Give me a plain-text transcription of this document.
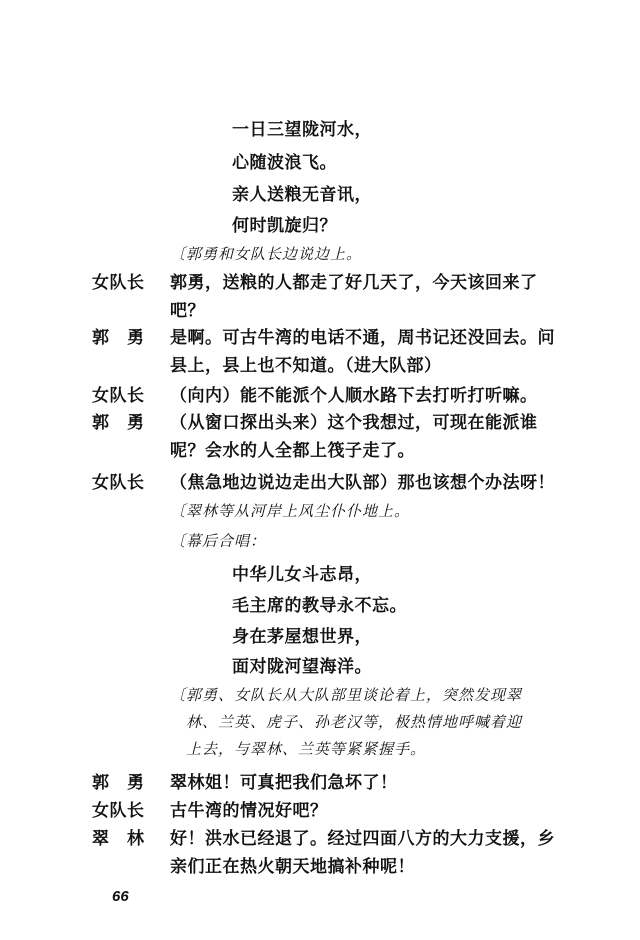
一日三望陇河水，
心随波浪飞。
亲人送粮无音讯，
何时凯旋归？
〔郭勇和女队长边说边上。
女队长 郭勇，送粮的人都走了好几天了，今天该回来了
吧？
郭　勇 是啊。可古牛湾的电话不通，周书记还没回去。问
县上，县上也不知道。（进大队部）
女队长 （向内）能不能派个人顺水路下去打听打听嘛。
郭　勇 （从窗口探出头来）这个我想过，可现在能派谁
呢？会水的人全都上筏子走了。
女队长 （焦急地边说边走出大队部）那也该想个办法呀！
〔翠林等从河岸上风尘仆仆地上。
〔幕后合唱：
中华儿女斗志昂，
毛主席的教导永不忘。
身在茅屋想世界，
面对陇河望海洋。
〔郭勇、女队长从大队部里谈论着上，突然发现翠
林、兰英、虎子、孙老汉等，极热情地呼喊着迎
上去，与翠林、兰英等紧紧握手。
郭　勇 翠林姐！可真把我们急坏了！
女队长 古牛湾的情况好吧？
翠　林 好！洪水已经退了。经过四面八方的大力支援，乡
亲们正在热火朝天地搞补种呢！
66
